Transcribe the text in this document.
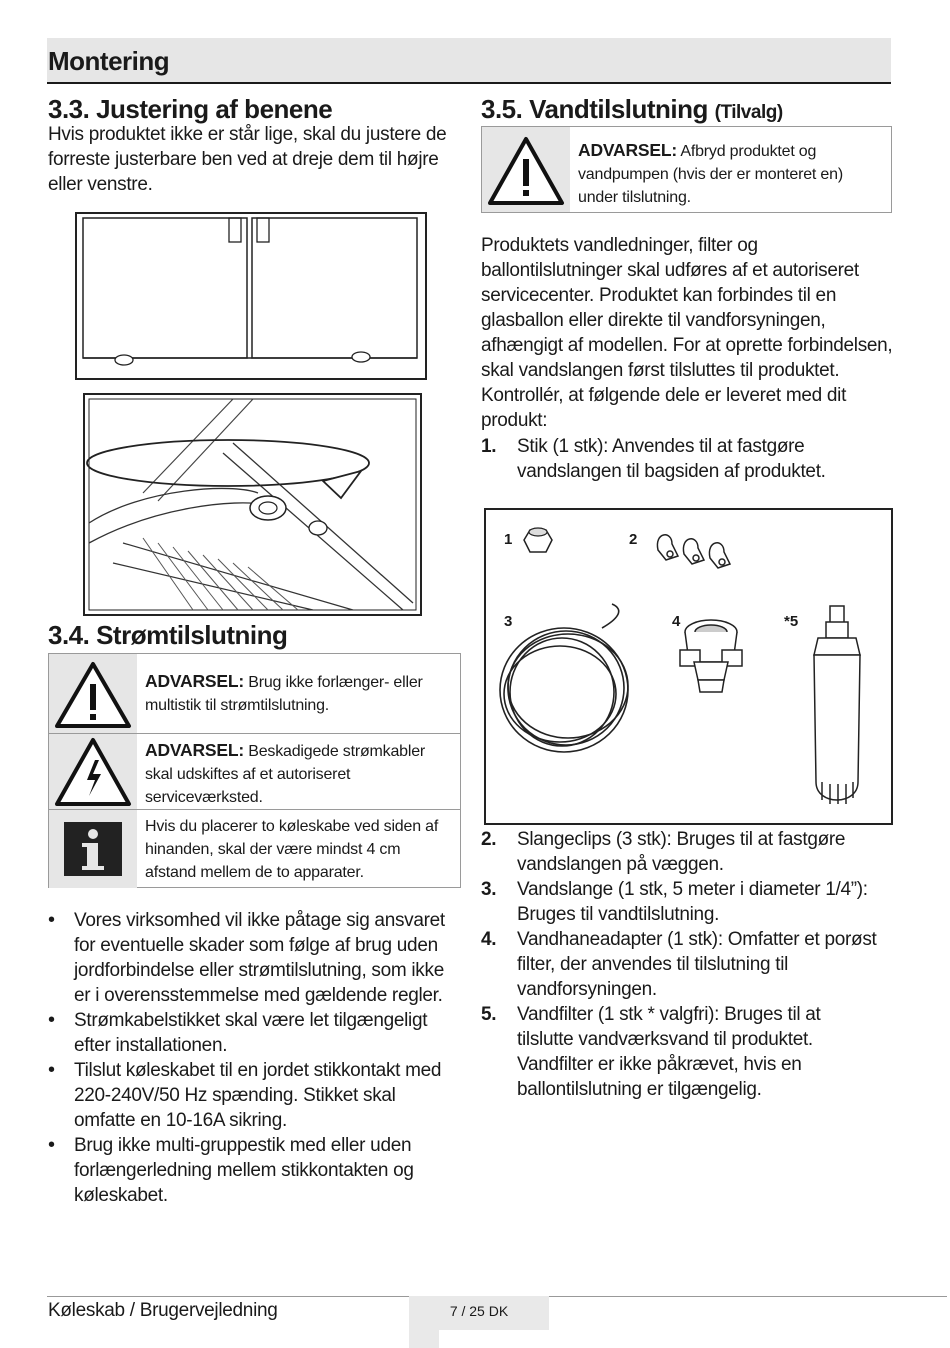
Montering
3.3. Justering af benene
Hvis produktet ikke er står lige, skal du justere de forreste justerbare ben ved at dreje dem til højre eller venstre.
3.4. Strømtilslutning
ADVARSEL: Brug ikke forlænger- eller multistik til strømtilslutning.
ADVARSEL: Beskadigede strømkabler skal udskiftes af et autoriseret serviceværksted.
Hvis du placerer to køleskabe ved siden af hinanden, skal der være mindst 4 cm afstand mellem de to apparater.
• Vores virksomhed vil ikke påtage sig ansvaret for eventuelle skader som følge af brug uden jordforbindelse eller strømtilslutning, som ikke er i overensstemmelse med gældende regler.
• Strømkabelstikket skal være let tilgængeligt efter installationen.
• Tilslut køleskabet til en jordet stikkontakt med 220-240V/50 Hz spænding. Stikket skal omfatte en 10-16A sikring.
• Brug ikke multi-gruppestik med eller uden forlængerledning mellem stikkontakten og køleskabet.
3.5. Vandtilslutning (Tilvalg)
ADVARSEL: Afbryd produktet og vandpumpen (hvis der er monteret en) under tilslutning.
Produktets vandledninger, filter og ballontilslutninger skal udføres af et autoriseret servicecenter. Produktet kan forbindes til en glasballon eller direkte til vandforsyningen, afhængigt af modellen. For at oprette forbindelsen, skal vandslangen først tilsluttes til produktet. Kontrollér, at følgende dele er leveret med dit produkt:
1. Stik (1 stk): Anvendes til at fastgøre vandslangen til bagsiden af produktet.
1	2
3	4	*5
2. Slangeclips (3 stk): Bruges til at fastgøre vandslangen på væggen.
3. Vandslange (1 stk, 5 meter i diameter 1/4”): Bruges til vandtilslutning.
4. Vandhaneadapter (1 stk): Omfatter et porøst filter, der anvendes til tilslutning til vandforsyningen.
5. Vandfilter (1 stk * valgfri): Bruges til at tilslutte vandværksvand til produktet. Vandfilter er ikke påkrævet, hvis en ballontilslutning er tilgængelig.
Køleskab / Brugervejledning	7 / 25 DK
